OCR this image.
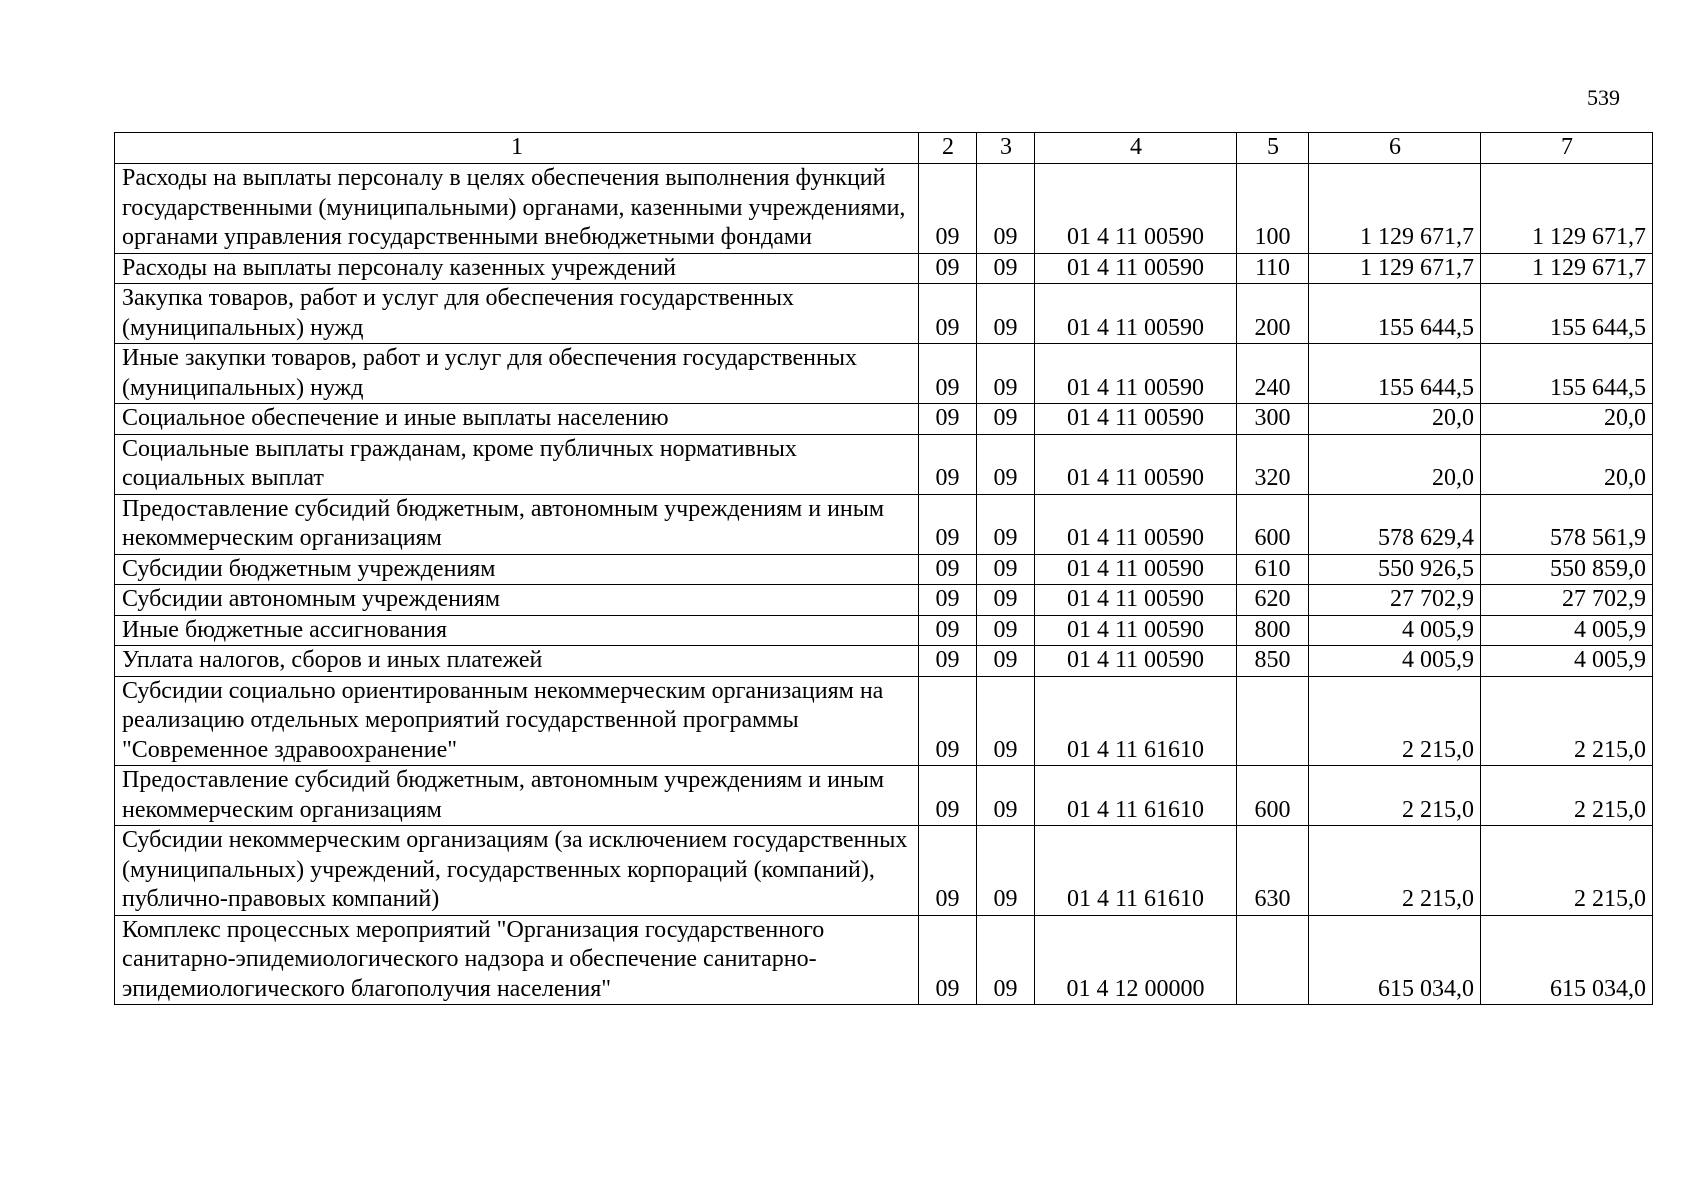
539
1	2	3	4	5	6	7
Расходы на выплаты персоналу в целях обеспечения выполнения функций государственными (муниципальными) органами, казенными учреждениями, органами управления государственными внебюджетными фондами	09	09	01 4 11 00590	100	1 129 671,7	1 129 671,7
Расходы на выплаты персоналу казенных учреждений	09	09	01 4 11 00590	110	1 129 671,7	1 129 671,7
Закупка товаров, работ и услуг для обеспечения государственных (муниципальных) нужд	09	09	01 4 11 00590	200	155 644,5	155 644,5
Иные закупки товаров, работ и услуг для обеспечения государственных (муниципальных) нужд	09	09	01 4 11 00590	240	155 644,5	155 644,5
Социальное обеспечение и иные выплаты населению	09	09	01 4 11 00590	300	20,0	20,0
Социальные выплаты гражданам, кроме публичных нормативных социальных выплат	09	09	01 4 11 00590	320	20,0	20,0
Предоставление субсидий бюджетным, автономным учреждениям и иным некоммерческим организациям	09	09	01 4 11 00590	600	578 629,4	578 561,9
Субсидии бюджетным учреждениям	09	09	01 4 11 00590	610	550 926,5	550 859,0
Субсидии автономным учреждениям	09	09	01 4 11 00590	620	27 702,9	27 702,9
Иные бюджетные ассигнования	09	09	01 4 11 00590	800	4 005,9	4 005,9
Уплата налогов, сборов и иных платежей	09	09	01 4 11 00590	850	4 005,9	4 005,9
Субсидии социально ориентированным некоммерческим организациям на реализацию отдельных мероприятий государственной программы "Современное здравоохранение"	09	09	01 4 11 61610		2 215,0	2 215,0
Предоставление субсидий бюджетным, автономным учреждениям и иным некоммерческим организациям	09	09	01 4 11 61610	600	2 215,0	2 215,0
Субсидии некоммерческим организациям (за исключением государственных (муниципальных) учреждений, государственных корпораций (компаний), публично-правовых компаний)	09	09	01 4 11 61610	630	2 215,0	2 215,0
Комплекс процессных мероприятий "Организация государственного санитарно-эпидемиологического надзора и обеспечение санитарно-эпидемиологического благополучия населения"	09	09	01 4 12 00000		615 034,0	615 034,0
